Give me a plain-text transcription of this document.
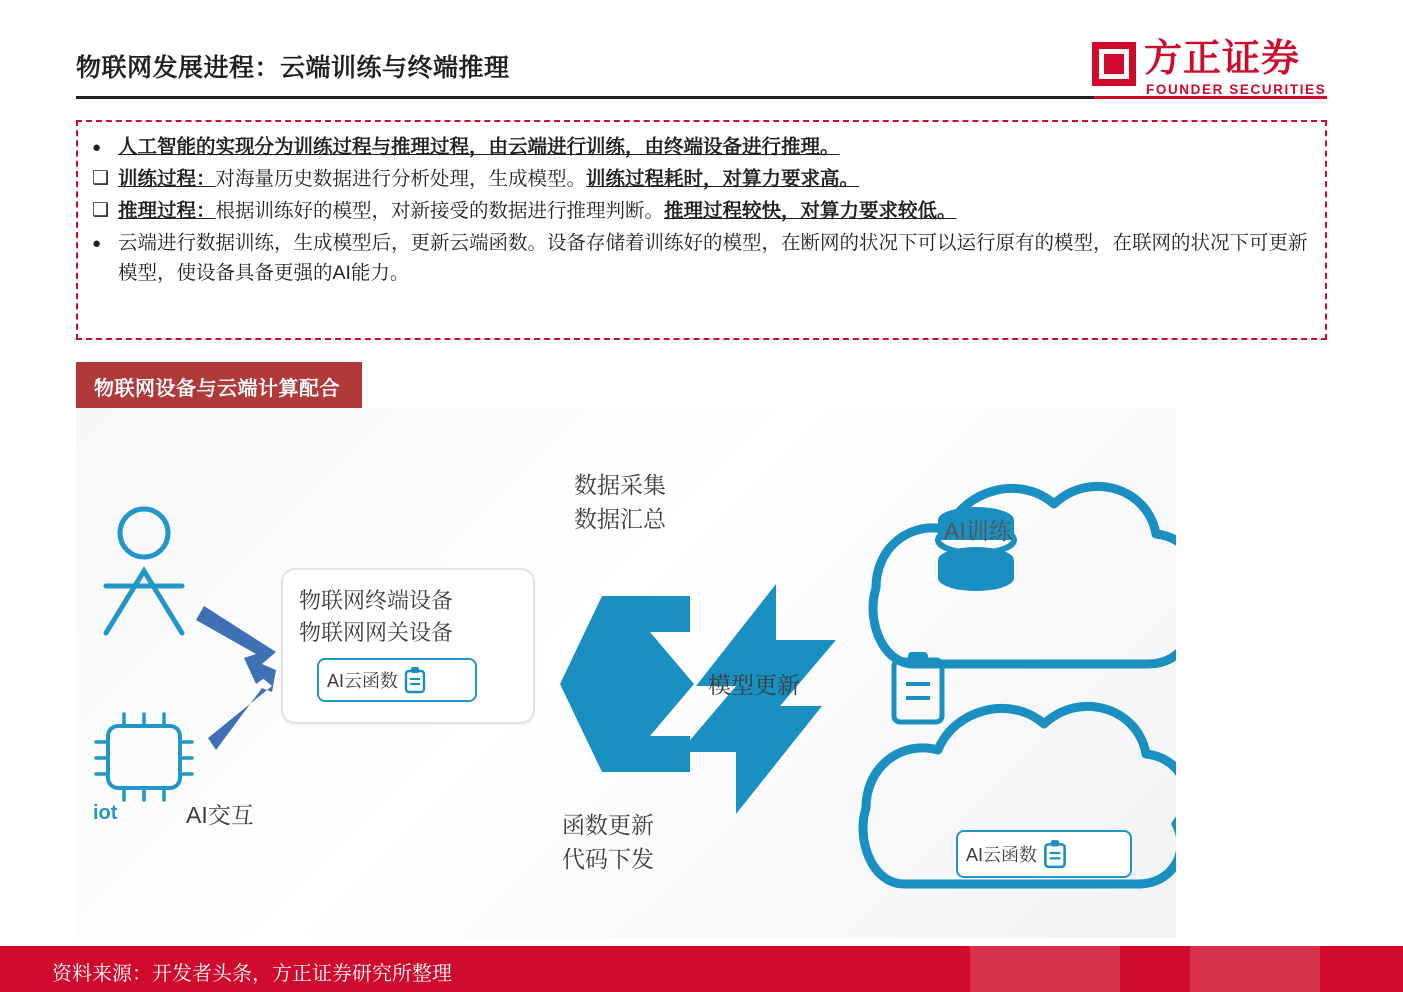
物联网发展进程：云端训练与终端推理	方正证券
FOUNDER SECURITIES
●
人工智能的实现分为训练过程与推理过程，由云端进行训练，由终端设备进行推理。
❑
训练过程：对海量历史数据进行分析处理，生成模型。训练过程耗时，对算力要求高。
❑
推理过程：根据训练好的模型，对新接受的数据进行推理判断。推理过程较快，对算力要求较低。
●
云端进行数据训练，生成模型后，更新云端函数。设备存储着训练好的模型，在断网的状况下可以运行原有的模型，在联网的状况下可更新模型，使设备具备更强的AI能力。
物联网设备与云端计算配合
物联网终端设备
物联网网关设备
AI云函数
AI云函数
iot	AI交互
数据采集
数据汇总
函数更新
代码下发
AI训练
模型更新
资料来源：开发者头条，方正证券研究所整理
